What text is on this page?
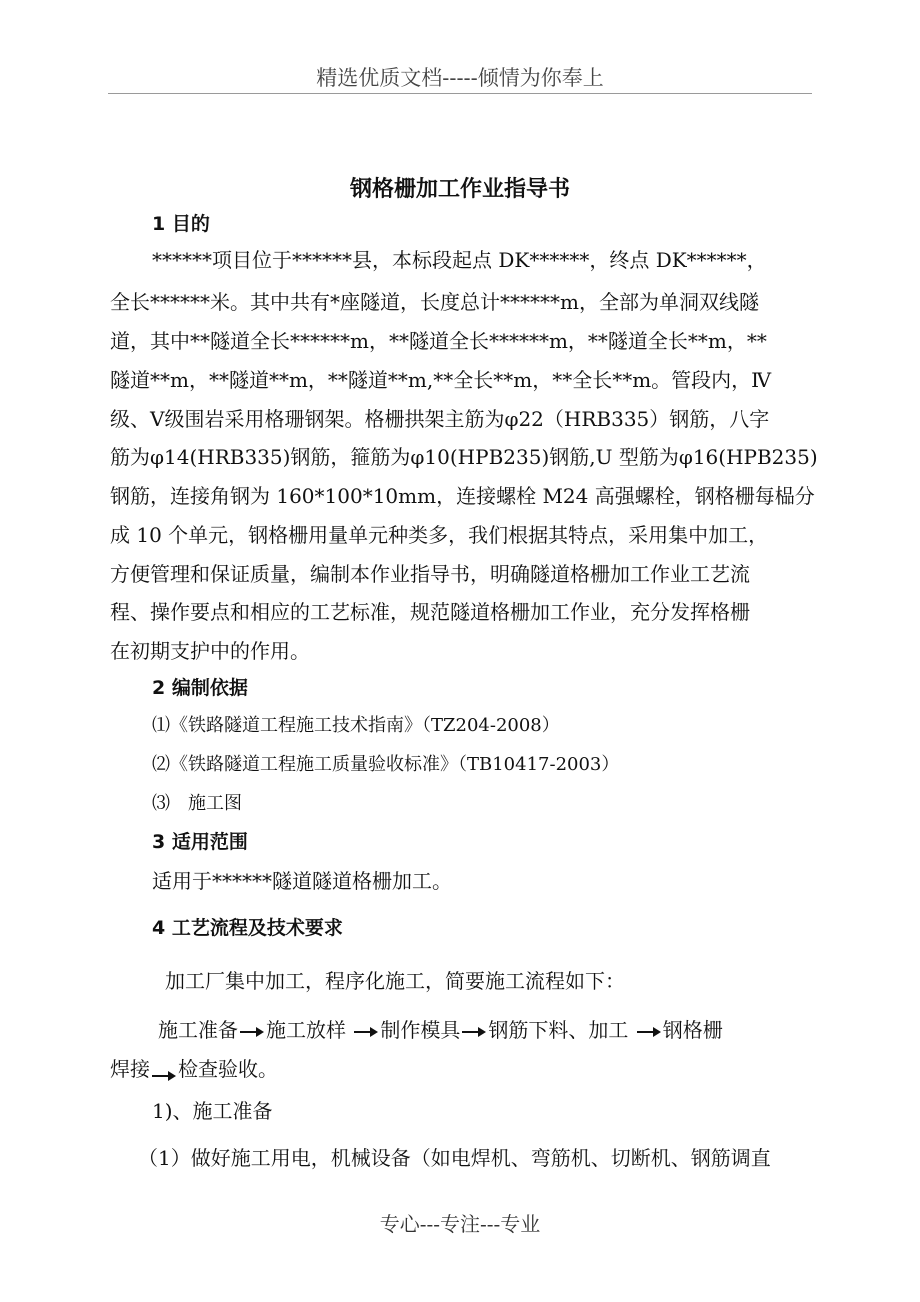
精选优质文档-----倾情为你奉上
钢格栅加工作业指导书
1 目的
******项目位于******县，本标段起点 DK******，终点 DK******，
全长******米。其中共有*座隧道，长度总计******m，全部为单洞双线隧
道，其中**隧道全长******m，**隧道全长******m，**隧道全长**m，**
隧道**m，**隧道**m，**隧道**m,**全长**m，**全长**m。管段内，Ⅳ
级、Ⅴ级围岩采用格珊钢架。格栅拱架主筋为φ22（HRB335）钢筋，八字
筋为φ14(HRB335)钢筋，箍筋为φ10(HPB235)钢筋,U 型筋为φ16(HPB235)
钢筋，连接角钢为 160*100*10mm，连接螺栓 M24 高强螺栓，钢格栅每榀分
成 10 个单元，钢格栅用量单元种类多，我们根据其特点，采用集中加工，
方便管理和保证质量，编制本作业指导书，明确隧道格栅加工作业工艺流
程、操作要点和相应的工艺标准，规范隧道格栅加工作业，充分发挥格栅
在初期支护中的作用。
2 编制依据
⑴《铁路隧道工程施工技术指南》（TZ204-2008）
⑵《铁路隧道工程施工质量验收标准》（TB10417-2003）
⑶　施工图
3 适用范围
适用于******隧道隧道格栅加工。
4 工艺流程及技术要求
加工厂集中加工，程序化施工，简要施工流程如下：
施工准备 施工放样 制作模具 钢筋下料、加工 钢格栅
焊接 检查验收。
1)、施工准备
（1）做好施工用电，机械设备（如电焊机、弯筋机、切断机、钢筋调直
专心---专注---专业
